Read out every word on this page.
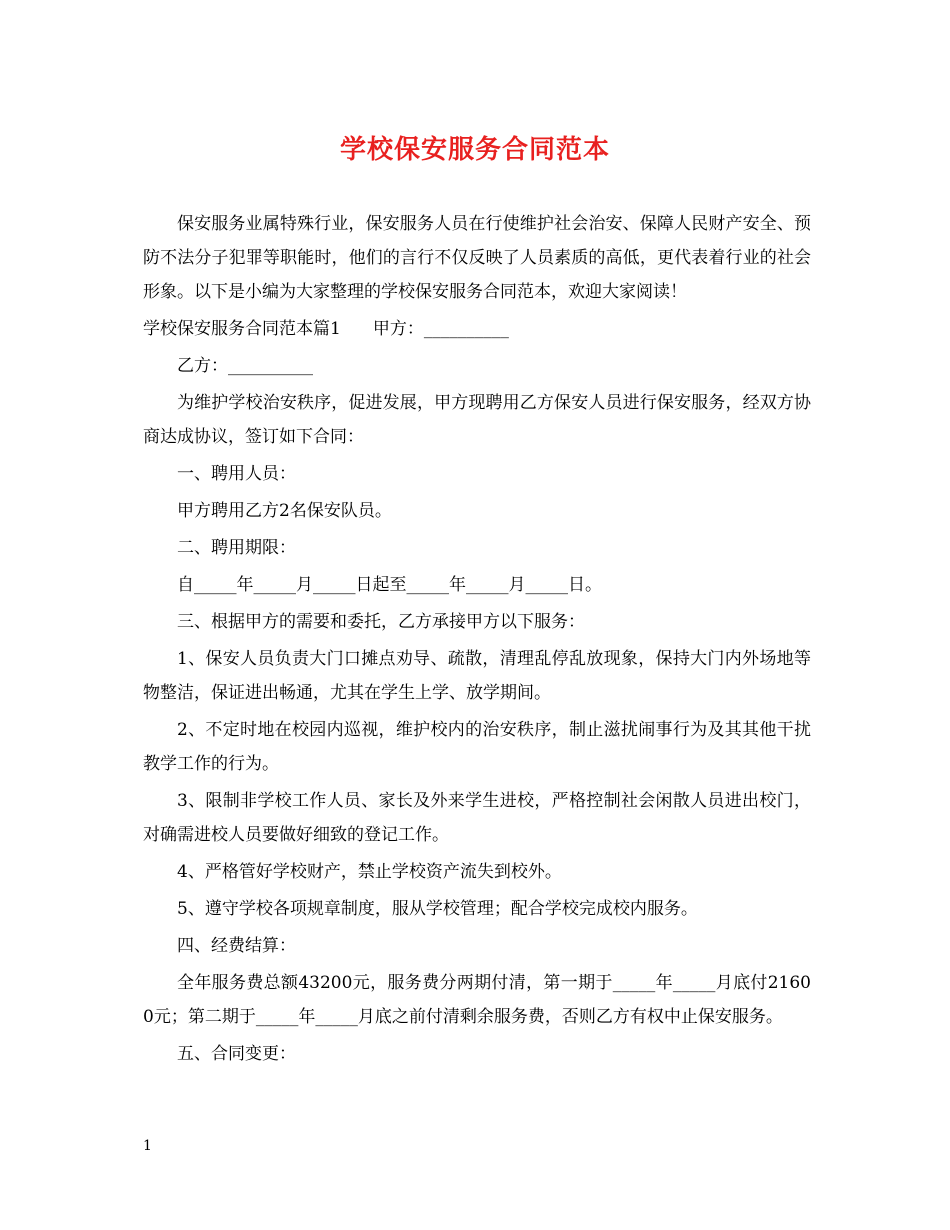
学校保安服务合同范本

保安服务业属特殊行业，保安服务人员在行使维护社会治安、保障人民财产安全、预防不法分子犯罪等职能时，他们的言行不仅反映了人员素质的高低，更代表着行业的社会形象。以下是小编为大家整理的学校保安服务合同范本，欢迎大家阅读！

学校保安服务合同范本篇1 甲方：__________

乙方：__________

为维护学校治安秩序，促进发展，甲方现聘用乙方保安人员进行保安服务，经双方协商达成协议，签订如下合同：

一、聘用人员：

甲方聘用乙方2名保安队员。

二、聘用期限：

自_____年_____月_____日起至_____年_____月_____日。

三、根据甲方的需要和委托，乙方承接甲方以下服务：

1、保安人员负责大门口摊点劝导、疏散，清理乱停乱放现象，保持大门内外场地等物整洁，保证进出畅通，尤其在学生上学、放学期间。

2、不定时地在校园内巡视，维护校内的治安秩序，制止滋扰闹事行为及其其他干扰教学工作的行为。

3、限制非学校工作人员、家长及外来学生进校，严格控制社会闲散人员进出校门，对确需进校人员要做好细致的登记工作。

4、严格管好学校财产，禁止学校资产流失到校外。

5、遵守学校各项规章制度，服从学校管理；配合学校完成校内服务。

四、经费结算：

全年服务费总额43200元，服务费分两期付清，第一期于_____年_____月底付21600元；第二期于_____年_____月底之前付清剩余服务费，否则乙方有权中止保安服务。

五、合同变更：

1
